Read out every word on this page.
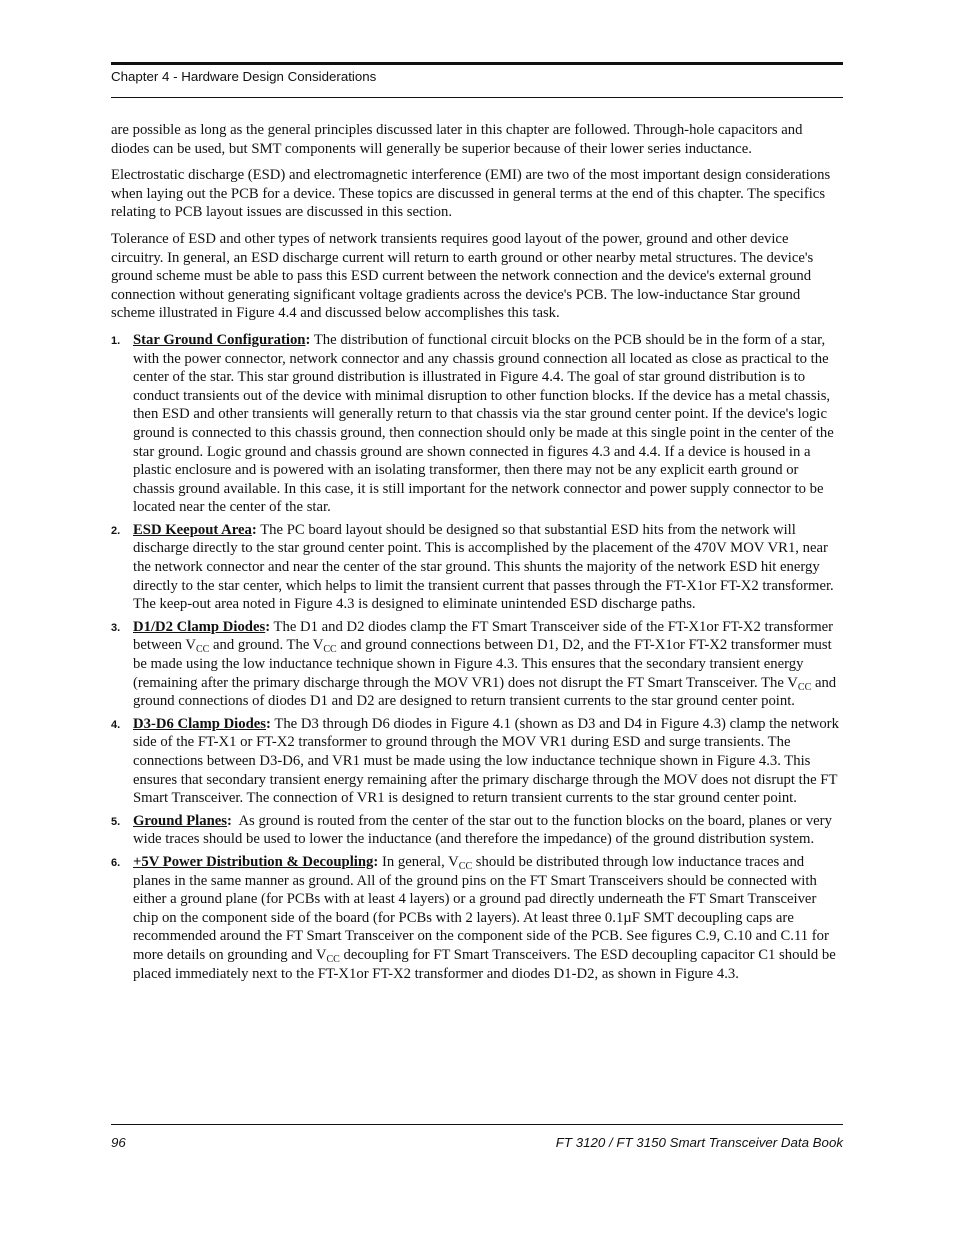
Chapter 4 - Hardware Design Considerations

are possible as long as the general principles discussed later in this chapter are followed. Through-hole capacitors and diodes can be used, but SMT components will generally be superior because of their lower series inductance.

Electrostatic discharge (ESD) and electromagnetic interference (EMI) are two of the most important design considerations when laying out the PCB for a device. These topics are discussed in general terms at the end of this chapter. The specifics relating to PCB layout issues are discussed in this section.

Tolerance of ESD and other types of network transients requires good layout of the power, ground and other device circuitry. In general, an ESD discharge current will return to earth ground or other nearby metal structures. The device's ground scheme must be able to pass this ESD current between the network connection and the device's external ground connection without generating significant voltage gradients across the device's PCB. The low-inductance Star ground scheme illustrated in Figure 4.4 and discussed below accomplishes this task.

1. Star Ground Configuration: The distribution of functional circuit blocks on the PCB should be in the form of a star, with the power connector, network connector and any chassis ground connection all located as close as practical to the center of the star. This star ground distribution is illustrated in Figure 4.4. The goal of star ground distribution is to conduct transients out of the device with minimal disruption to other function blocks. If the device has a metal chassis, then ESD and other transients will generally return to that chassis via the star ground center point. If the device's logic ground is connected to this chassis ground, then connection should only be made at this single point in the center of the star ground. Logic ground and chassis ground are shown connected in figures 4.3 and 4.4. If a device is housed in a plastic enclosure and is powered with an isolating transformer, then there may not be any explicit earth ground or chassis ground available. In this case, it is still important for the network connector and power supply connector to be located near the center of the star.
2. ESD Keepout Area: The PC board layout should be designed so that substantial ESD hits from the network will discharge directly to the star ground center point. This is accomplished by the placement of the 470V MOV VR1, near the network connector and near the center of the star ground. This shunts the majority of the network ESD hit energy directly to the star center, which helps to limit the transient current that passes through the FT-X1or FT-X2 transformer. The keep-out area noted in Figure 4.3 is designed to eliminate unintended ESD discharge paths.
3. D1/D2 Clamp Diodes: The D1 and D2 diodes clamp the FT Smart Transceiver side of the FT-X1or FT-X2 transformer between $V_{CC}$ and ground. The $V_{CC}$ and ground connections between D1, D2, and the FT-X1or FT-X2 transformer must be made using the low inductance technique shown in Figure 4.3. This ensures that the secondary transient energy (remaining after the primary discharge through the MOV VR1) does not disrupt the FT Smart Transceiver. The $V_{CC}$ and ground connections of diodes D1 and D2 are designed to return transient currents to the star ground center point.
4. D3-D6 Clamp Diodes: The D3 through D6 diodes in Figure 4.1 (shown as D3 and D4 in Figure 4.3) clamp the network side of the FT-X1 or FT-X2 transformer to ground through the MOV VR1 during ESD and surge transients. The connections between D3-D6, and VR1 must be made using the low inductance technique shown in Figure 4.3. This ensures that secondary transient energy remaining after the primary discharge through the MOV does not disrupt the FT Smart Transceiver. The connection of VR1 is designed to return transient currents to the star ground center point.
5. Ground Planes: As ground is routed from the center of the star out to the function blocks on the board, planes or very wide traces should be used to lower the inductance (and therefore the impedance) of the ground distribution system.
6. +5V Power Distribution & Decoupling: In general, $V_{CC}$ should be distributed through low inductance traces and planes in the same manner as ground. All of the ground pins on the FT Smart Transceivers should be connected with either a ground plane (for PCBs with at least 4 layers) or a ground pad directly underneath the FT Smart Transceiver chip on the component side of the board (for PCBs with 2 layers). At least three 0.1µF SMT decoupling caps are recommended around the FT Smart Transceiver on the component side of the PCB. See figures C.9, C.10 and C.11 for more details on grounding and $V_{CC}$ decoupling for FT Smart Transceivers. The ESD decoupling capacitor C1 should be placed immediately next to the FT-X1or FT-X2 transformer and diodes D1-D2, as shown in Figure 4.3.
96	FT 3120 / FT 3150 Smart Transceiver Data Book
